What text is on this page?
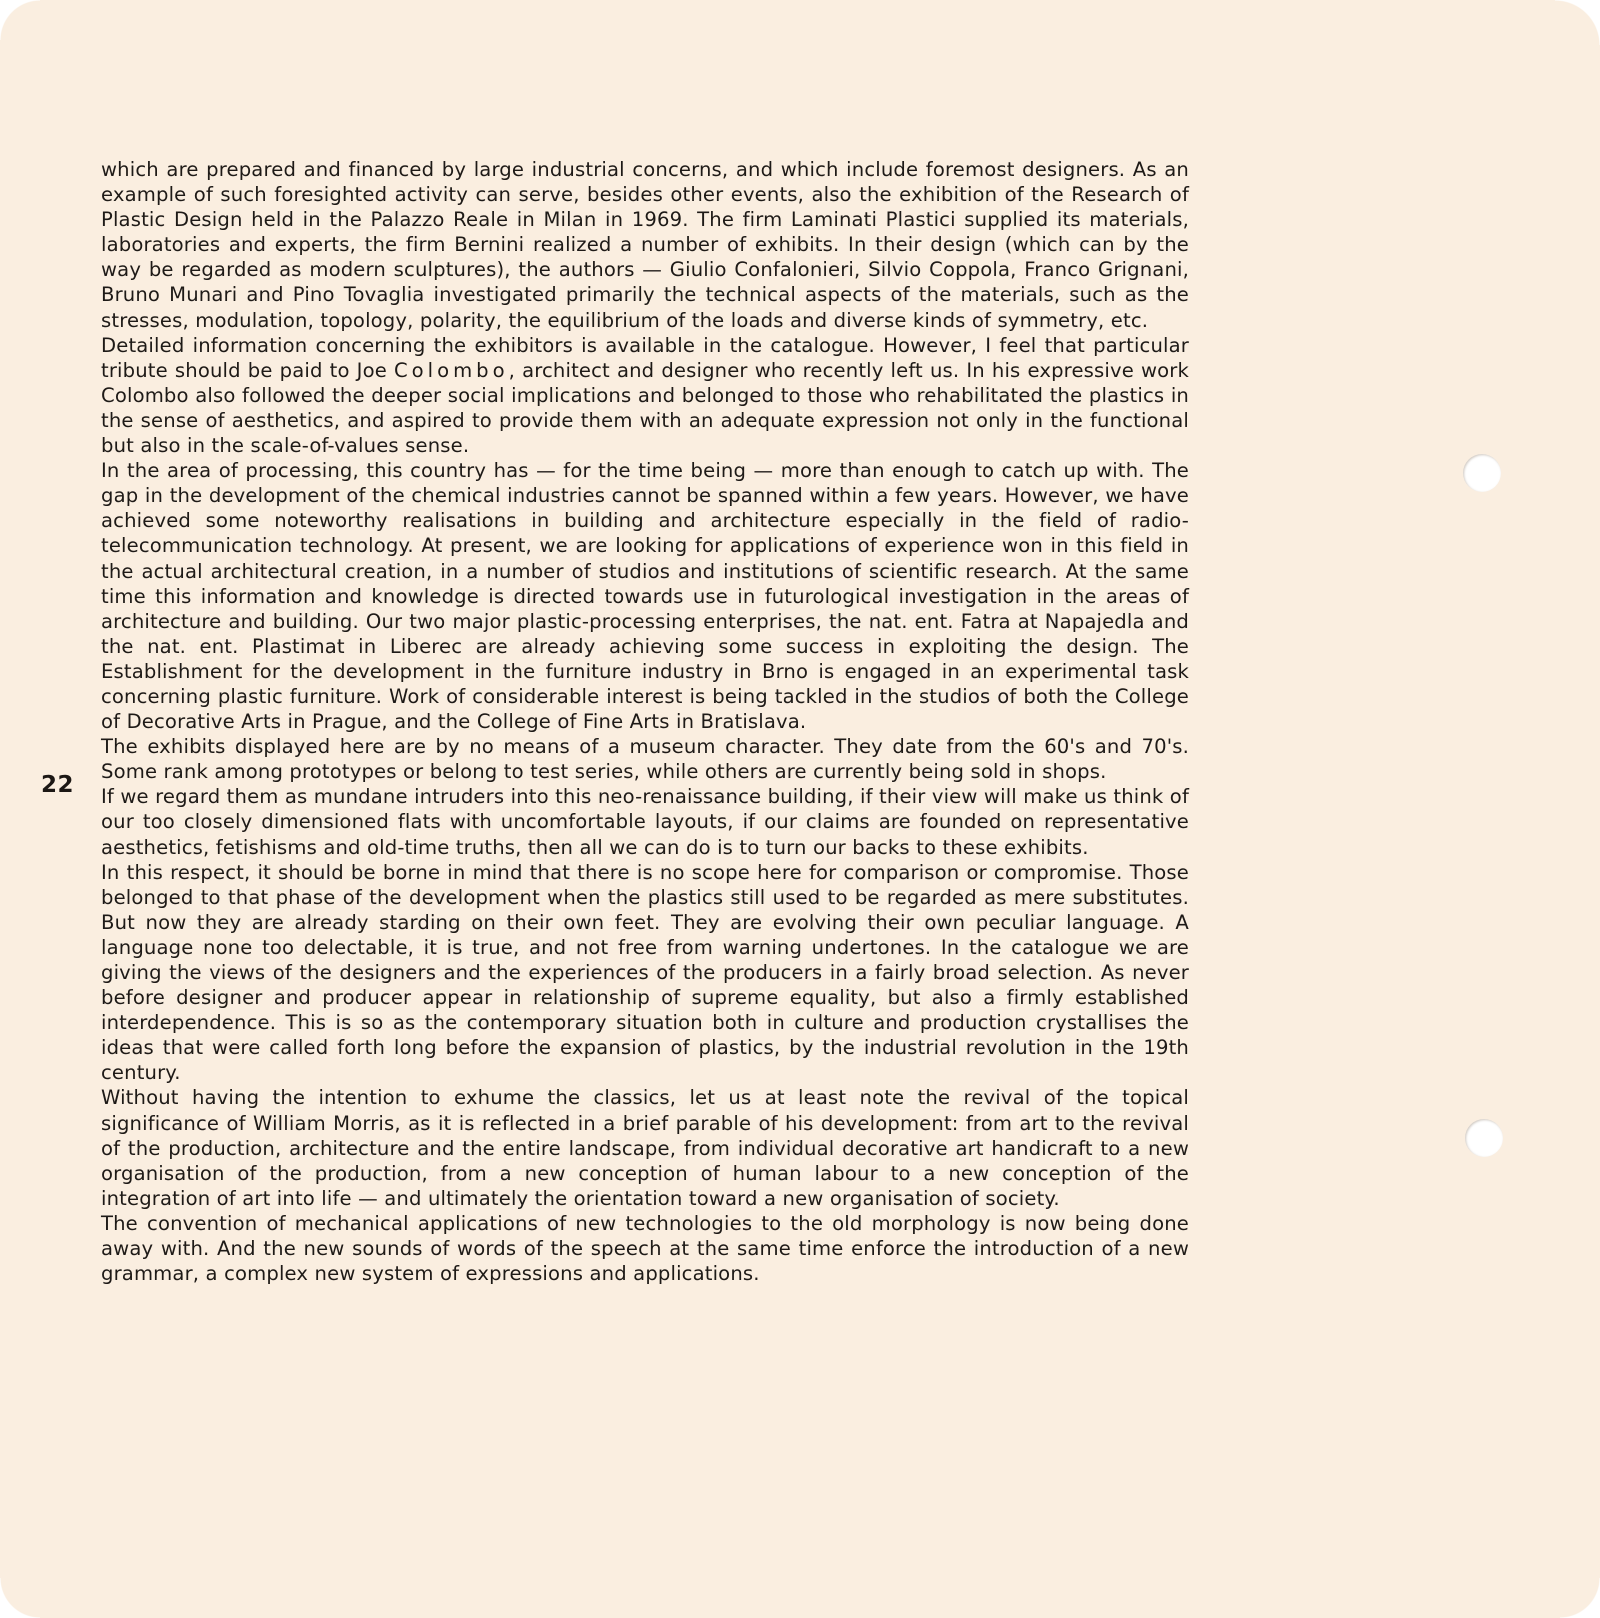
22

which are prepared and financed by large industrial concerns, and which include foremost designers. As an example of such foresighted activity can serve, besides other events, also the exhibition of the Research of Plastic Design held in the Palazzo Reale in Milan in 1969. The firm Laminati Plastici supplied its materials, laboratories and experts, the firm Bernini realized a number of exhibits. In their design (which can by the way be regarded as modern sculptures), the authors — Giulio Confalonieri, Silvio Coppola, Franco Grignani, Bruno Munari and Pino Tovaglia investigated primarily the technical aspects of the materials, such as the stresses, modulation, topology, polarity, the equilibrium of the loads and diverse kinds of symmetry, etc.

Detailed information concerning the exhibitors is available in the catalogue. However, I feel that particular tribute should be paid to Joe Colombo, architect and designer who recently left us. In his expressive work Colombo also followed the deeper social implications and belonged to those who rehabilitated the plastics in the sense of aesthetics, and aspired to provide them with an adequate expression not only in the functional but also in the scale-of-values sense.

In the area of processing, this country has — for the time being — more than enough to catch up with. The gap in the development of the chemical industries cannot be spanned within a few years. However, we have achieved some noteworthy realisations in building and architecture especially in the field of radio-telecommunication technology. At present, we are looking for applications of experience won in this field in the actual architectural creation, in a number of studios and institutions of scientific research. At the same time this information and knowledge is directed towards use in futurological investigation in the areas of architecture and building. Our two major plastic-processing enterprises, the nat. ent. Fatra at Napajedla and the nat. ent. Plastimat in Liberec are already achieving some success in exploiting the design. The Establishment for the development in the furniture industry in Brno is engaged in an experimental task concerning plastic furniture. Work of considerable interest is being tackled in the studios of both the College of Decorative Arts in Prague, and the College of Fine Arts in Bratislava.

The exhibits displayed here are by no means of a museum character. They date from the 60's and 70's. Some rank among prototypes or belong to test series, while others are currently being sold in shops.

If we regard them as mundane intruders into this neo-renaissance building, if their view will make us think of our too closely dimensioned flats with uncomfortable layouts, if our claims are founded on representative aesthetics, fetishisms and old-time truths, then all we can do is to turn our backs to these exhibits.

In this respect, it should be borne in mind that there is no scope here for comparison or compromise. Those belonged to that phase of the development when the plastics still used to be regarded as mere substitutes. But now they are already starding on their own feet. They are evolving their own peculiar language. A language none too delectable, it is true, and not free from warning undertones. In the catalogue we are giving the views of the designers and the experiences of the producers in a fairly broad selection. As never before designer and producer appear in relationship of supreme equality, but also a firmly established interdependence. This is so as the contemporary situation both in culture and production crystallises the ideas that were called forth long before the expansion of plastics, by the industrial revolution in the 19th century.

Without having the intention to exhume the classics, let us at least note the revival of the topical significance of William Morris, as it is reflected in a brief parable of his development: from art to the revival of the production, architecture and the entire landscape, from individual decorative art handicraft to a new organisation of the production, from a new conception of human labour to a new conception of the integration of art into life — and ultimately the orientation toward a new organisation of society.

The convention of mechanical applications of new technologies to the old morphology is now being done away with. And the new sounds of words of the speech at the same time enforce the introduction of a new grammar, a complex new system of expressions and applications.
